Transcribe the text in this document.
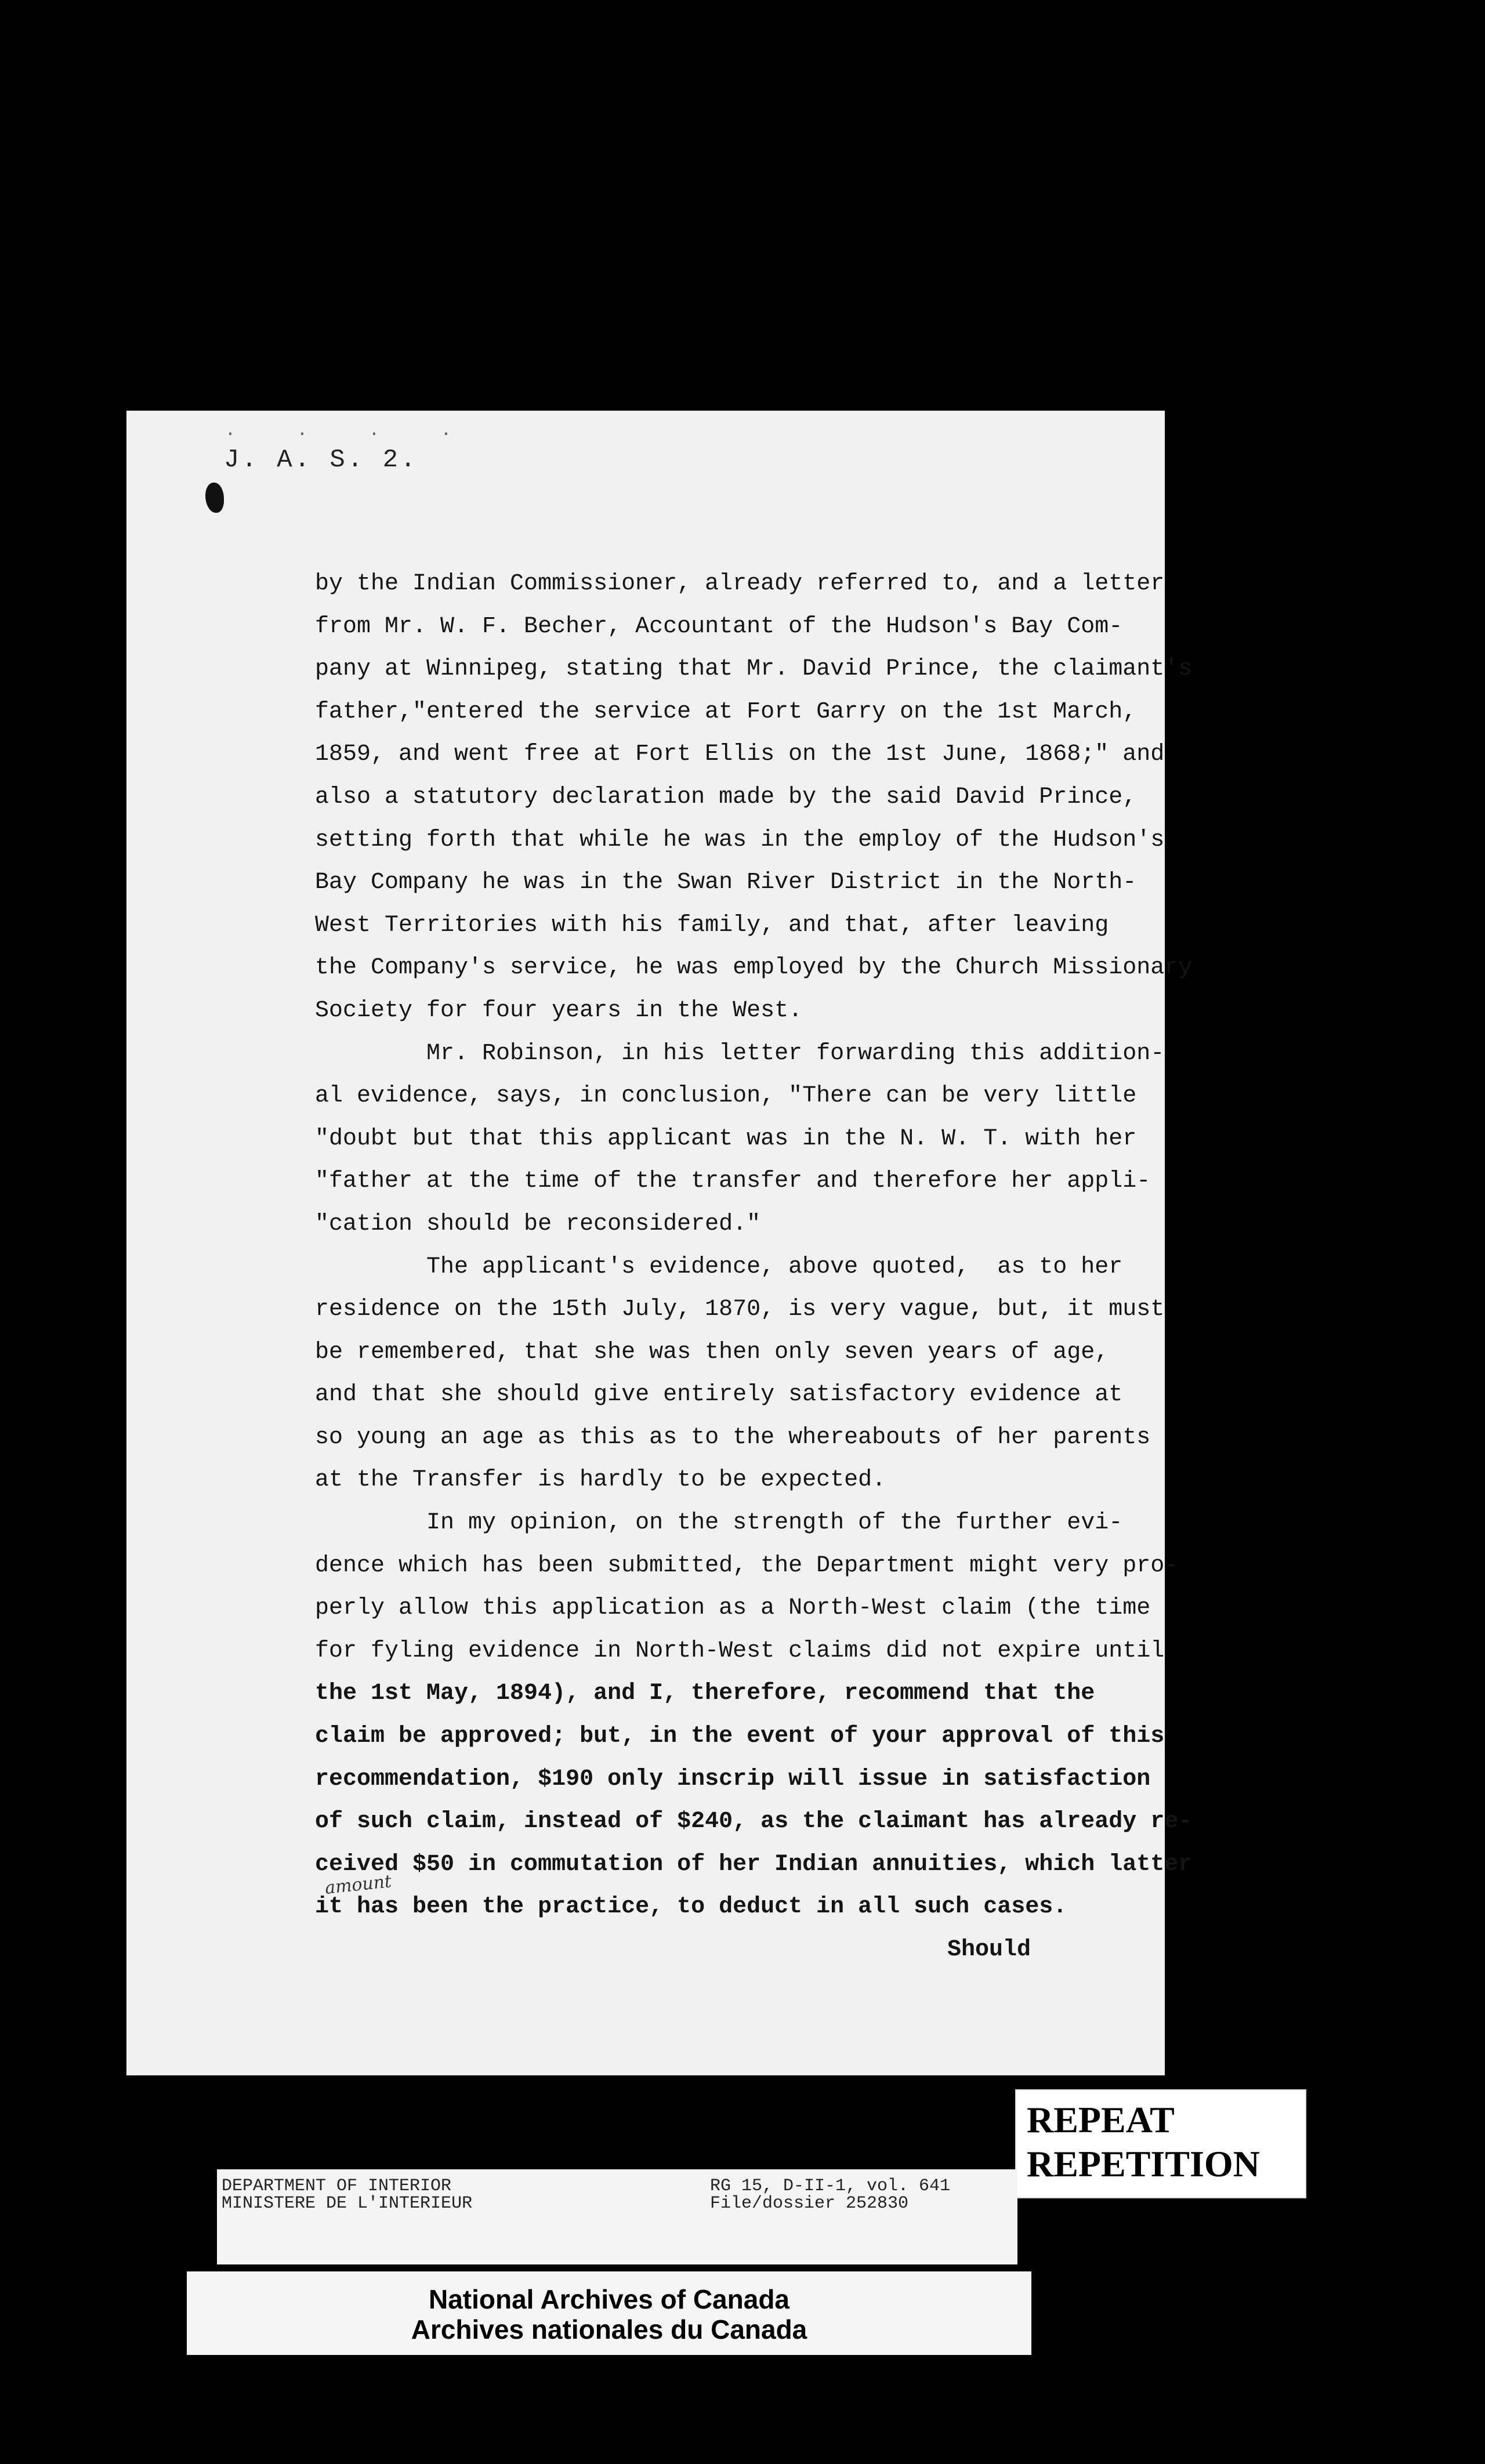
· · · ·
J. A. S. 2.
by the Indian Commissioner, already referred to, and a letter
from Mr. W. F. Becher, Accountant of the Hudson's Bay Com-
pany at Winnipeg, stating that Mr. David Prince, the claimant's
father,"entered the service at Fort Garry on the 1st March,
1859, and went free at Fort Ellis on the 1st June, 1868;" and
also a statutory declaration made by the said David Prince,
setting forth that while he was in the employ of the Hudson's
Bay Company he was in the Swan River District in the North-
West Territories with his family, and that, after leaving
the Company's service, he was employed by the Church Missionary
Society for four years in the West.
Mr. Robinson, in his letter forwarding this addition-
al evidence, says, in conclusion, "There can be very little
"doubt but that this applicant was in the N. W. T. with her
"father at the time of the transfer and therefore her appli-
"cation should be reconsidered."
The applicant's evidence, above quoted,  as to her
residence on the 15th July, 1870, is very vague, but, it must
be remembered, that she was then only seven years of age,
and that she should give entirely satisfactory evidence at
so young an age as this as to the whereabouts of her parents
at the Transfer is hardly to be expected.
In my opinion, on the strength of the further evi-
dence which has been submitted, the Department might very pro-
perly allow this application as a North-West claim (the time
for fyling evidence in North-West claims did not expire until
the 1st May, 1894), and I, therefore, recommend that the
claim be approved; but, in the event of your approval of this
recommendation, $190 only inscrip will issue in satisfaction
of such claim, instead of $240, as the claimant has already re-
ceived $50 in commutation of her Indian annuities, which latter
it has been the practice, to deduct in all such cases.
Should
amount
REPEAT
REPETITION
DEPARTMENT OF INTERIOR
MINISTERE DE L'INTERIEUR
RG 15, D-II-1, vol. 641
File/dossier 252830
National Archives of Canada
Archives nationales du Canada
